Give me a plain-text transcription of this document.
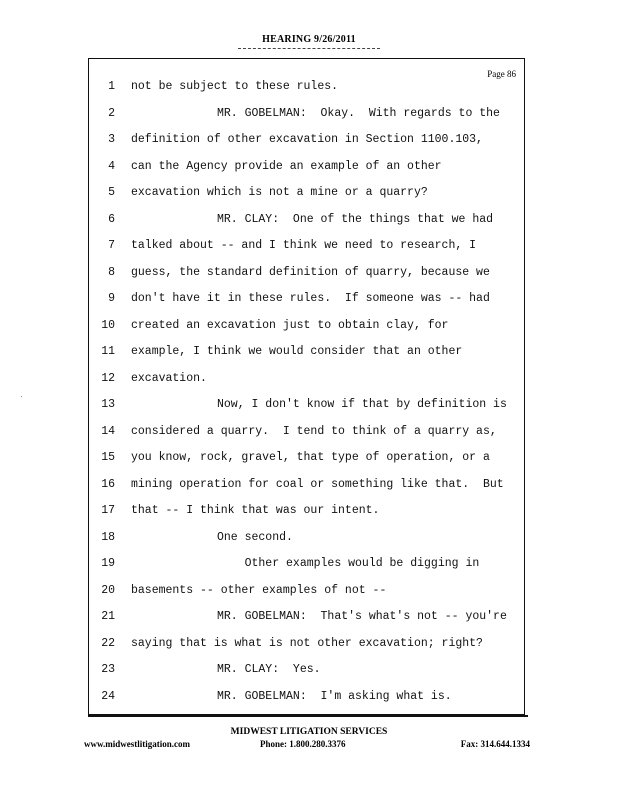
HEARING 9/26/2011
Page 86
1 not be subject to these rules.
2	MR. GOBELMAN:  Okay.  With regards to the
3 definition of other excavation in Section 1100.103,
4 can the Agency provide an example of an other
5 excavation which is not a mine or a quarry?
6	MR. CLAY:  One of the things that we had
7 talked about -- and I think we need to research, I
8 guess, the standard definition of quarry, because we
9 don't have it in these rules.  If someone was -- had
10 created an excavation just to obtain clay, for
11 example, I think we would consider that an other
12 excavation.
13	Now, I don't know if that by definition is
14 considered a quarry.  I tend to think of a quarry as,
15 you know, rock, gravel, that type of operation, or a
16 mining operation for coal or something like that.  But
17 that -- I think that was our intent.
18	One second.
19	Other examples would be digging in
20 basements -- other examples of not --
21	MR. GOBELMAN:  That's what's not -- you're
22 saying that is what is not other excavation; right?
23	MR. CLAY:  Yes.
24	MR. GOBELMAN:  I'm asking what is.
·
MIDWEST LITIGATION SERVICES
www.midwestlitigation.com	Phone: 1.800.280.3376	Fax: 314.644.1334
